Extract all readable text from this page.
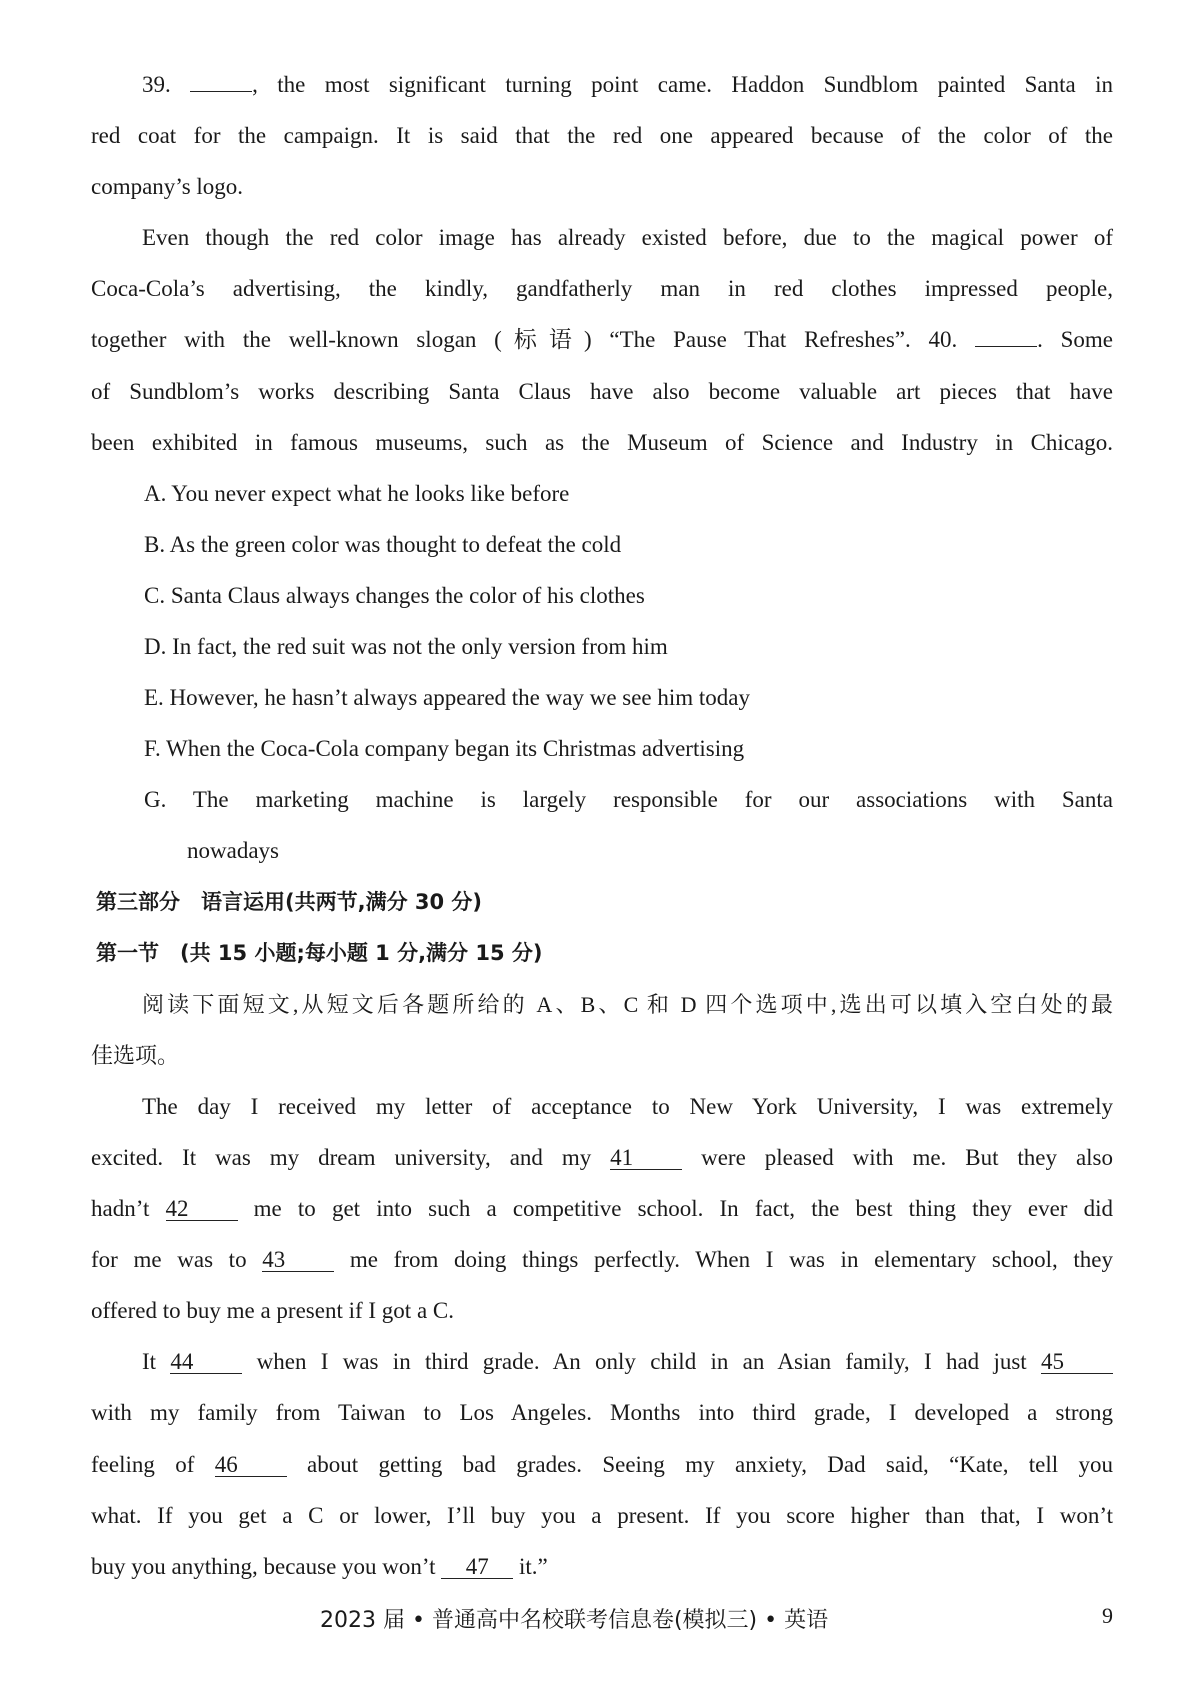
39.	, the most significant turning point came. Haddon Sundblom painted Santa in
red coat for the campaign. It is said that the red one appeared because of the color of the
company’s logo.
Even though the red color image has already existed before, due to the magical power of
Coca-Cola’s advertising, the kindly, gandfatherly man in red clothes impressed people,
together with the well-known slogan (标语) “The Pause That Refreshes”. 40.	. Some
of Sundblom’s works describing Santa Claus have also become valuable art pieces that have
been exhibited in famous museums, such as the Museum of Science and Industry in Chicago.
A. You never expect what he looks like before
B. As the green color was thought to defeat the cold
C. Santa Claus always changes the color of his clothes
D. In fact, the red suit was not the only version from him
E. However, he hasn’t always appeared the way we see him today
F. When the Coca-Cola company began its Christmas advertising
G. The marketing machine is largely responsible for our associations with Santa
nowadays
第三部分　语言运用(共两节,满分 30 分)
第一节　(共 15 小题;每小题 1 分,满分 15 分)
阅读下面短文,从短文后各题所给的 A、B、C 和 D 四个选项中,选出可以填入空白处的最
佳选项。
The day I received my letter of acceptance to New York University, I was extremely
excited. It was my dream university, and my 41 were pleased with me. But they also
hadn’t 42 me to get into such a competitive school. In fact, the best thing they ever did
for me was to 43 me from doing things perfectly. When I was in elementary school, they
offered to buy me a present if I got a C.
It 44 when I was in third grade. An only child in an Asian family, I had just 45
with my family from Taiwan to Los Angeles. Months into third grade, I developed a strong
feeling of 46 about getting bad grades. Seeing my anxiety, Dad said, “Kate, tell you
what. If you get a C or lower, I’ll buy you a present. If you score higher than that, I won’t
buy you anything, because you won’t 47 it.”
2023 届 • 普通高中名校联考信息卷(模拟三) • 英语	9
